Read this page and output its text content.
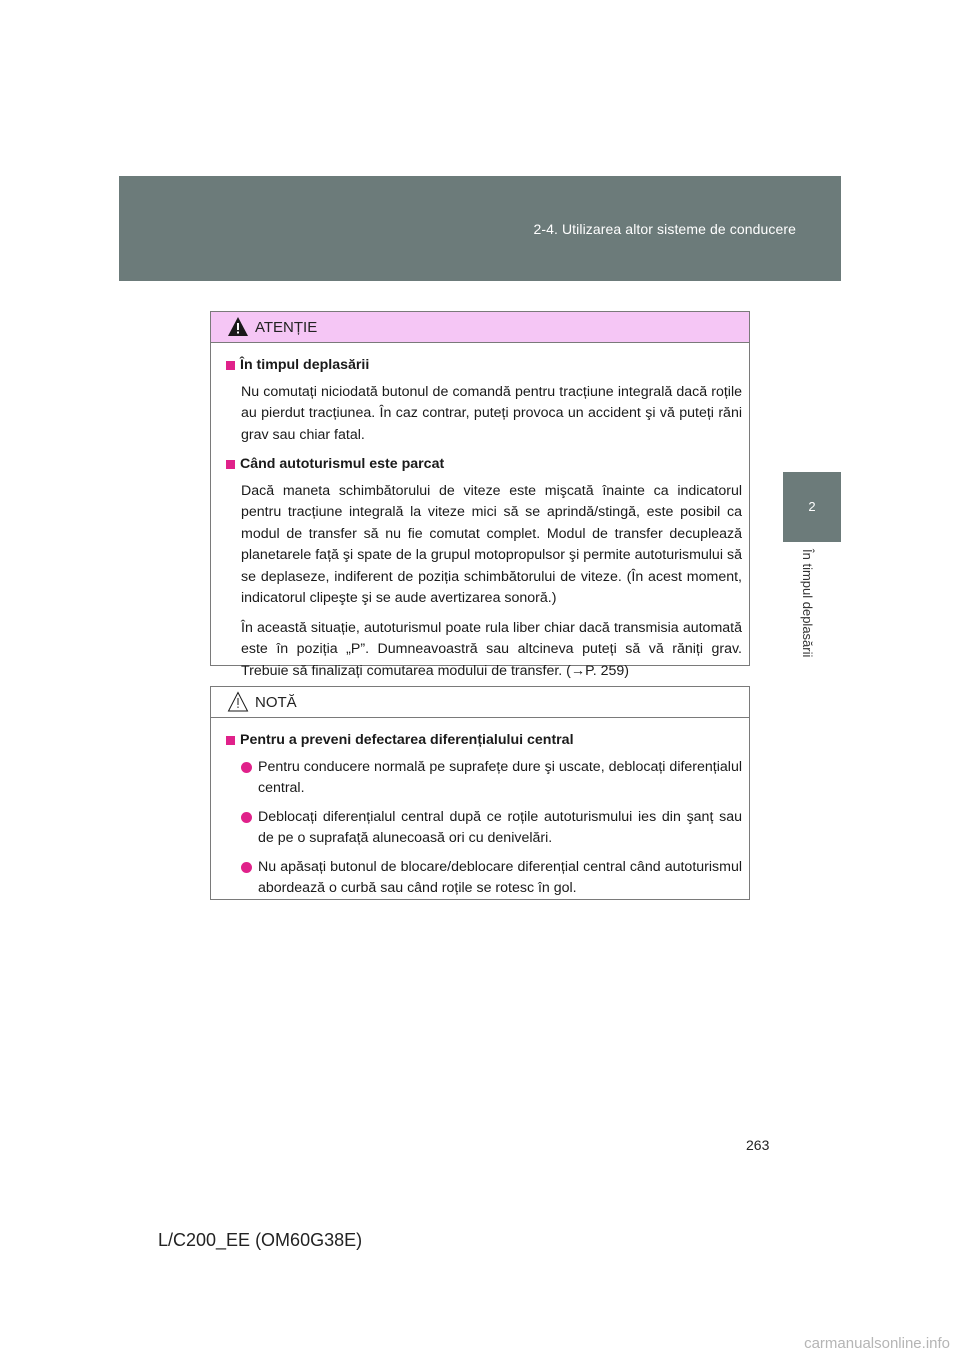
2-4. Utilizarea altor sisteme de conducere
2
În timpul deplasării
ATENȚIE
În timpul deplasării
Nu comutați niciodată butonul de comandă pentru tracțiune integrală dacă roțile au pierdut tracțiunea. În caz contrar, puteți provoca un accident şi vă puteți răni grav sau chiar fatal.
Când autoturismul este parcat
Dacă maneta schimbătorului de viteze este mişcată înainte ca indicatorul pentru tracțiune integrală la viteze mici să se aprindă/stingă, este posibil ca modul de transfer să nu fie comutat complet. Modul de transfer decuplează planetarele față şi spate de la grupul motopropulsor şi permite autoturismului să se deplaseze, indiferent de poziția schimbătorului de viteze. (În acest moment, indicatorul clipeşte şi se aude avertizarea sonoră.)
În această situație, autoturismul poate rula liber chiar dacă transmisia automată este în poziția „P”. Dumneavoastră sau altcineva puteți să vă răniți grav. Trebuie să finalizați comutarea modului de transfer. (→P. 259)
NOTĂ
Pentru a preveni defectarea diferențialului central
Pentru conducere normală pe suprafețe dure şi uscate, deblocați diferențialul central.
Deblocați diferențialul central după ce roțile autoturismului ies din şanț sau de pe o suprafață alunecoasă ori cu denivelări.
Nu apăsați butonul de blocare/deblocare diferențial central când autoturismul abordează o curbă sau când roțile se rotesc în gol.
263
L/C200_EE (OM60G38E)
carmanualsonline.info
